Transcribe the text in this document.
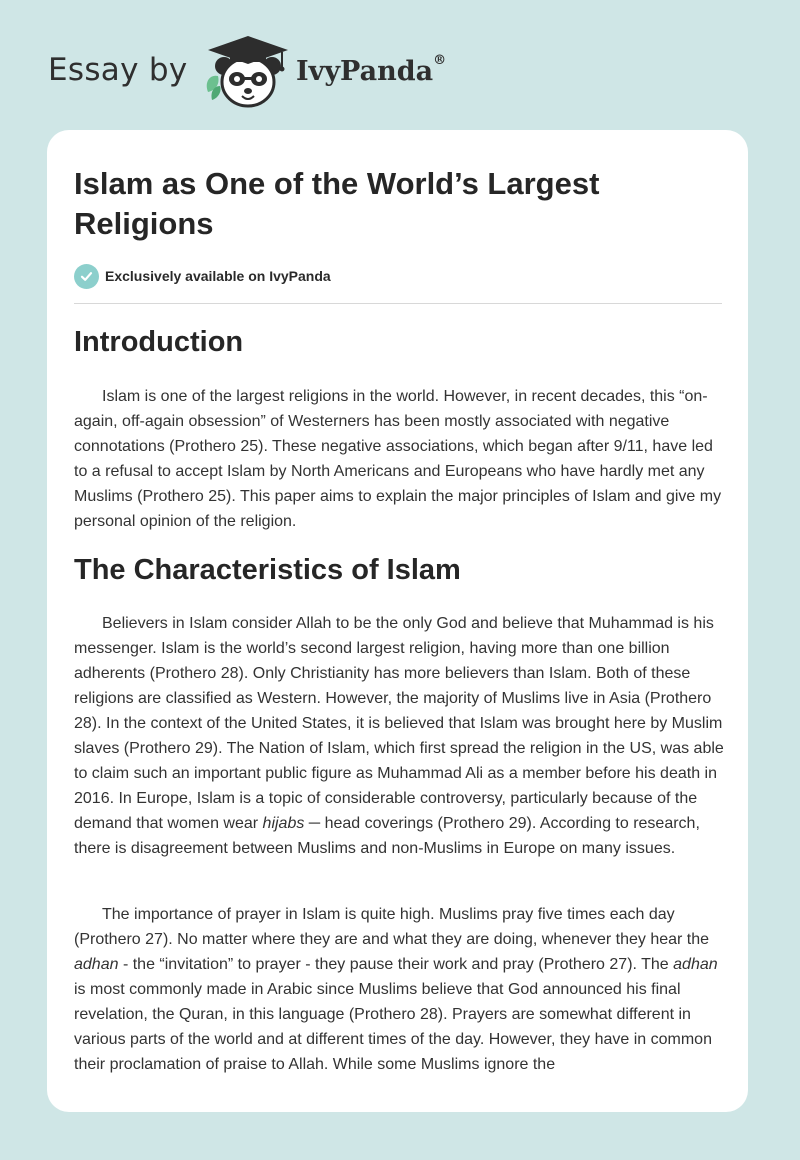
Essay by	IvyPanda®
Islam as One of the World’s Largest Religions
Exclusively available on IvyPanda
Introduction

Islam is one of the largest religions in the world. However, in recent decades, this “on-again, off-again obsession” of Westerners has been mostly associated with negative connotations (Prothero 25). These negative associations, which began after 9/11, have led to a refusal to accept Islam by North Americans and Europeans who have hardly met any Muslims (Prothero 25). This paper aims to explain the major principles of Islam and give my personal opinion of the religion.

The Characteristics of Islam

Believers in Islam consider Allah to be the only God and believe that Muhammad is his messenger. Islam is the world’s second largest religion, having more than one billion adherents (Prothero 28). Only Christianity has more believers than Islam. Both of these religions are classified as Western. However, the majority of Muslims live in Asia (Prothero 28). In the context of the United States, it is believed that Islam was brought here by Muslim slaves (Prothero 29). The Nation of Islam, which first spread the religion in the US, was able to claim such an important public figure as Muhammad Ali as a member before his death in 2016. In Europe, Islam is a topic of considerable controversy, particularly because of the demand that women wear hijabs ─ head coverings (Prothero 29). According to research, there is disagreement between Muslims and non-Muslims in Europe on many issues.

The importance of prayer in Islam is quite high. Muslims pray five times each day (Prothero 27). No matter where they are and what they are doing, whenever they hear the adhan - the “invitation” to prayer - they pause their work and pray (Prothero 27). The adhan is most commonly made in Arabic since Muslims believe that God announced his final revelation, the Quran, in this language (Prothero 28). Prayers are somewhat different in various parts of the world and at different times of the day. However, they have in common their proclamation of praise to Allah. While some Muslims ignore the
